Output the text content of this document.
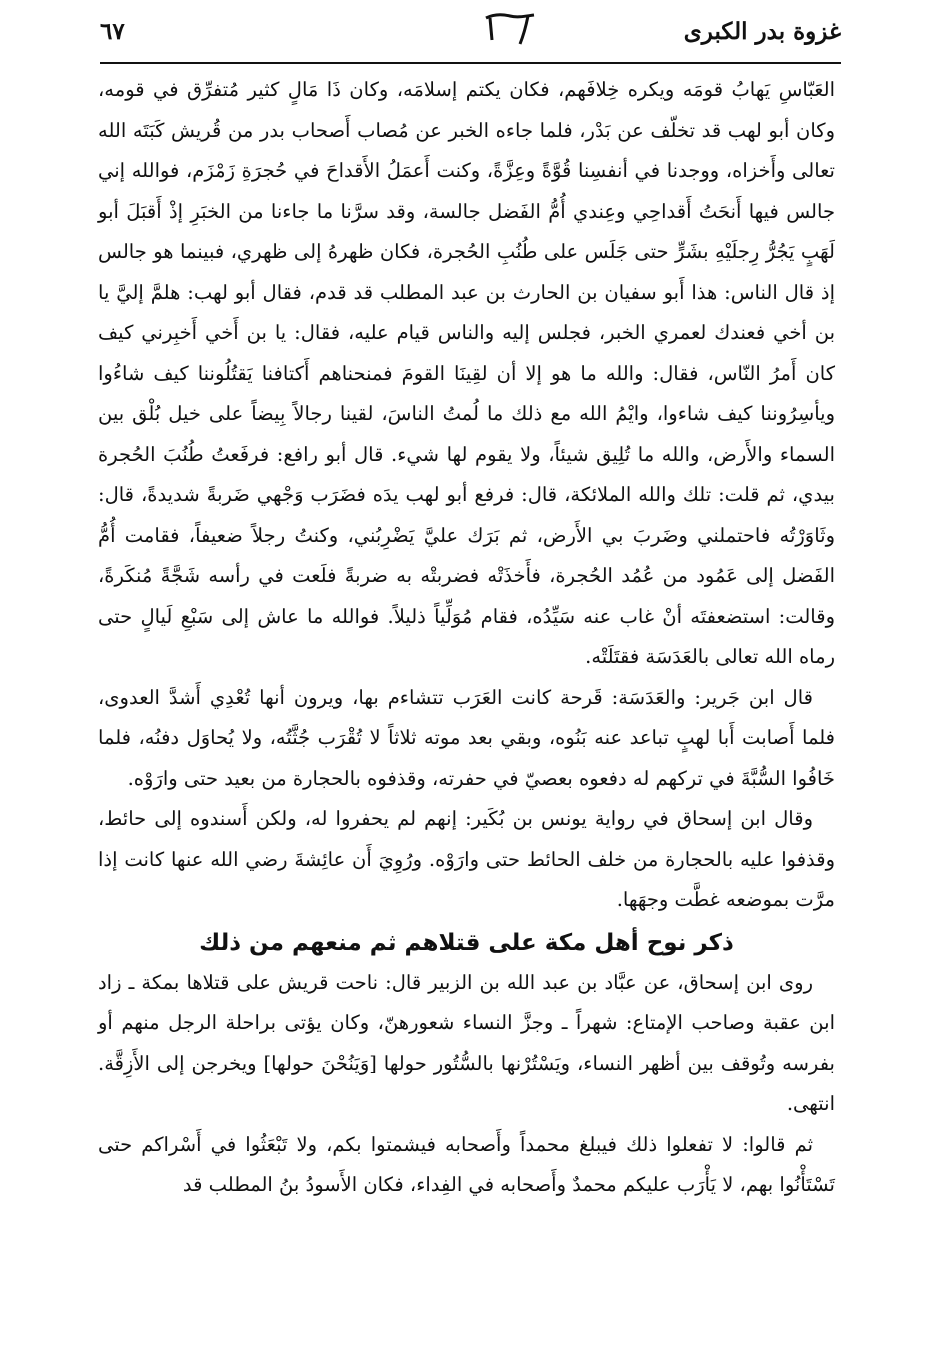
غزوة بدر الكبرى
٦٧

العَبّاسِ يَهابُ قومَه ويكره خِلافَهم، فكان يكتم إسلامَه، وكان ذَا مَالٍ كثير مُتفرِّق في قومه، وكان أبو لهب قد تخلّف عن بَدْر، فلما جاءه الخبر عن مُصاب أَصحاب بدر من قُريش كَبَتَه الله تعالى وأَخزاه، ووجدنا في أنفسِنا قُوَّةً وعِزَّةً، وكنت أَعمَلُ الأَقداحَ في حُجرَةِ زَمْزَم، فوالله إني جالس فيها أَنحَتُ أَقداحِي وعِندي أُمُّ الفَضل جالسة، وقد سرَّنا ما جاءنا من الخبَرِ إذْ أَقبَلَ أبو لَهَبٍ يَجُرُّ رِجلَيْهِ بشَرٍّ حتى جَلَس على طُنُبِ الحُجرة، فكان ظهرهُ إلى ظهري، فبينما هو جالس إذ قال الناس: هذا أَبو سفيان بن الحارث بن عبد المطلب قد قدم، فقال أبو لهب: هلمَّ إليَّ يا بن أخي فعندك لعمري الخبر، فجلس إليه والناس قيام عليه، فقال: يا بن أَخي أَخبِرني كيف كان أَمرُ النّاس، فقال: والله ما هو إلا أن لقِينَا القومَ فمنحناهم أَكتافنا يَقتُلُوننا كيف شاءُوا ويأسِرُوننا كيف شاءوا، وايْمُ الله مع ذلك ما لُمتُ الناسَ، لقينا رجالاً بِيضاً على خيل بُلْق بين السماء والأَرض، والله ما تُلِيق شيئاً، ولا يقوم لها شيء. قال أبو رافع: فرفَعتُ طُنُبَ الحُجرة بيدي، ثم قلت: تلك والله الملائكة، قال: فرفع أبو لهب يدَه فضَرَب وَجْهي ضَربةً شديدةً، قال: وثَاوَرْتُه فاحتملني وضَربَ بي الأَرض، ثم بَرَك عليَّ يَضْرِبُني، وكنتُ رجلاً ضعيفاً، فقامت أُمُّ الفَضل إلى عَمُود من عُمُد الحُجرة، فأَخذَتْه فضربتْه به ضربةً فلَعت في رأسه شَجَّةً مُنكَرةً، وقالت: استضعفتَه أنْ غاب عنه سَيِّدُه، فقام مُوَلِّياً ذليلاً. فوالله ما عاش إلى سَبْعِ لَيالٍ حتى رماه الله تعالى بالعَدَسَة فقتَلَتْه.

قال ابن جَرير: والعَدَسَة: قَرحة كانت العَرَب تتشاءم بها، ويرون أنها تُعْدِي أَشدَّ العدوى، فلما أَصابت أَبا لهبٍ تباعد عنه بَنُوه، وبقي بعد موته ثلاثاً لا تُقْرَب جُثَّتُه، ولا يُحاوَل دفنُه، فلما خَافُوا السُّبَّةَ في تركهم له دفعوه بعصيّ في حفرته، وقذفوه بالحجارة من بعيد حتى وارَوْه.

وقال ابن إسحاق في رواية يونس بن بُكَير: إنهم لم يحفروا له، ولكن أَسندوه إلى حائط، وقذفوا عليه بالحجارة من خلف الحائط حتى وارَوْه. ورُوِيَ أَن عائِشةَ رضي الله عنها كانت إذا مرَّت بموضعه غطَّت وجهَها.

ذكر نوح أهل مكة على قتلاهم ثم منعهم من ذلك

روى ابن إسحاق، عن عبَّاد بن عبد الله بن الزبير قال: ناحت قريش على قتلاها بمكة ـ زاد ابن عقبة وصاحب الإمتاع: شهراً ـ وجزَّ النساء شعورهنّ، وكان يؤتى براحلة الرجل منهم أو بفرسه وتُوقف بين أظهر النساء، ويَسْتُرْنها بالسُّتُور حولها [وَيَنُحْنَ حولها] ويخرجن إلى الأَزِقَّة. انتهى.

ثم قالوا: لا تفعلوا ذلك فيبلغ محمداً وأَصحابه فيشمتوا بكم، ولا تَبْعَثُوا في أَسْراكم حتى تَسْتَأْنُوا بهم، لا يَأْرَب عليكم محمدٌ وأَصحابه في الفِداء، فكان الأَسودُ بنُ المطلب قد
